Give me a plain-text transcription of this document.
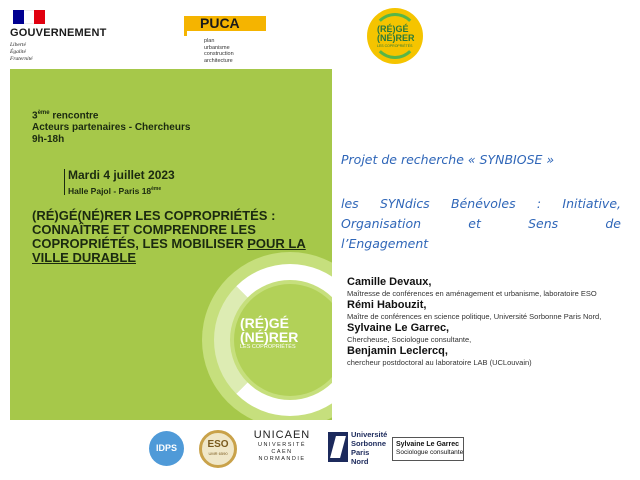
GOUVERNEMENT
Liberté
Égalité
Fraternité
PUCA
plan
urbanisme
construction
architecture
(RÉ)GÉ
(NÉ)RER
LES COPROPRIÉTÉS
3ème rencontre
Acteurs partenaires - Chercheurs
9h-18h
Mardi 4 juillet 2023
Halle Pajol - Paris 18ème
(RÉ)GÉ(NÉ)RER LES COPROPRIÉTÉS : CONNAÎTRE ET COMPRENDRE LES COPROPRIÉTÉS, LES MOBILISER POUR LA VILLE DURABLE
(RÉ)GÉ
(NÉ)RER
LES COPROPRIÉTÉS
Projet de recherche « SYNBIOSE »
les SYNdics Bénévoles : Initiative,
Organisation et Sens de
l’Engagement
Camille Devaux,
Maîtresse de conférences en aménagement et urbanisme, laboratoire ESO
Rémi Habouzit,
Maître de conférences en science politique, Université Sorbonne Paris Nord,
Sylvaine Le Garrec,
Chercheuse, Sociologue consultante,
Benjamin Leclercq,
chercheur postdoctoral au laboratoire LAB (UCLouvain)
IDPS	ESO
UMR 6590
UNICAEN
UNIVERSITÉ CAEN NORMANDIE
Université
Sorbonne
Paris Nord
Sylvaine Le Garrec
Sociologue consultante
